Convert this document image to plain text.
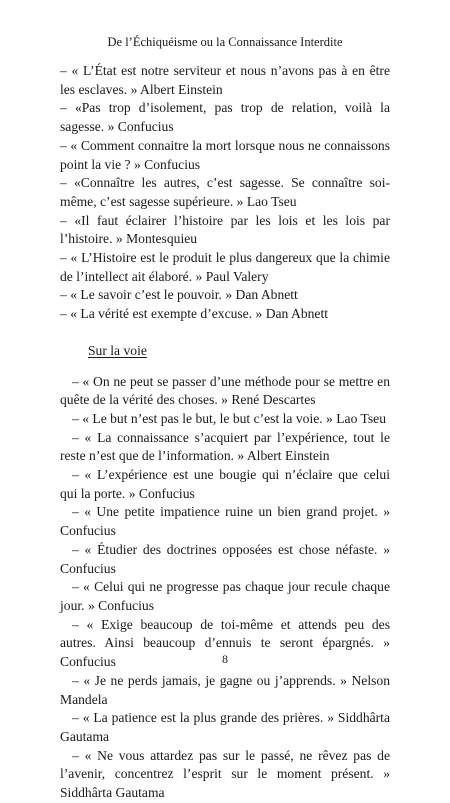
De l’Échiquéisme ou la Connaissance Interdite

– « L’État est notre serviteur et nous n’avons pas à en être les esclaves. » Albert Einstein

– «Pas trop d’isolement, pas trop de relation, voilà la sagesse. » Confucius

– « Comment connaitre la mort lorsque nous ne connaissons point la vie ? » Confucius

– «Connaître les autres, c’est sagesse. Se connaître soi-même, c’est sagesse supérieure. » Lao Tseu

– «Il faut éclairer l’histoire par les lois et les lois par l’histoire. » Montesquieu

– « L’Histoire est le produit le plus dangereux que la chimie de l’intellect ait élaboré. » Paul Valery

– « Le savoir c’est le pouvoir. » Dan Abnett

– « La vérité est exempte d’excuse. » Dan Abnett

Sur la voie

– « On ne peut se passer d’une méthode pour se mettre en quête de la vérité des choses. » René Descartes

– « Le but n’est pas le but, le but c’est la voie. » Lao Tseu

– « La connaissance s’acquiert par l’expérience, tout le reste n’est que de l’information. » Albert Einstein

– « L’expérience est une bougie qui n’éclaire que celui qui la porte. » Confucius

– « Une petite impatience ruine un bien grand projet. » Confucius

– « Étudier des doctrines opposées est chose néfaste. » Confucius

– « Celui qui ne progresse pas chaque jour recule chaque jour. » Confucius

– « Exige beaucoup de toi-même et attends peu des autres. Ainsi beaucoup d’ennuis te seront épargnés. » Confucius

– « Je ne perds jamais, je gagne ou j’apprends. » Nelson Mandela

– « La patience est la plus grande des prières. » Siddhârta Gautama

– « Ne vous attardez pas sur le passé, ne rêvez pas de l’avenir, concentrez l’esprit sur le moment présent. » Siddhârta Gautama

8
